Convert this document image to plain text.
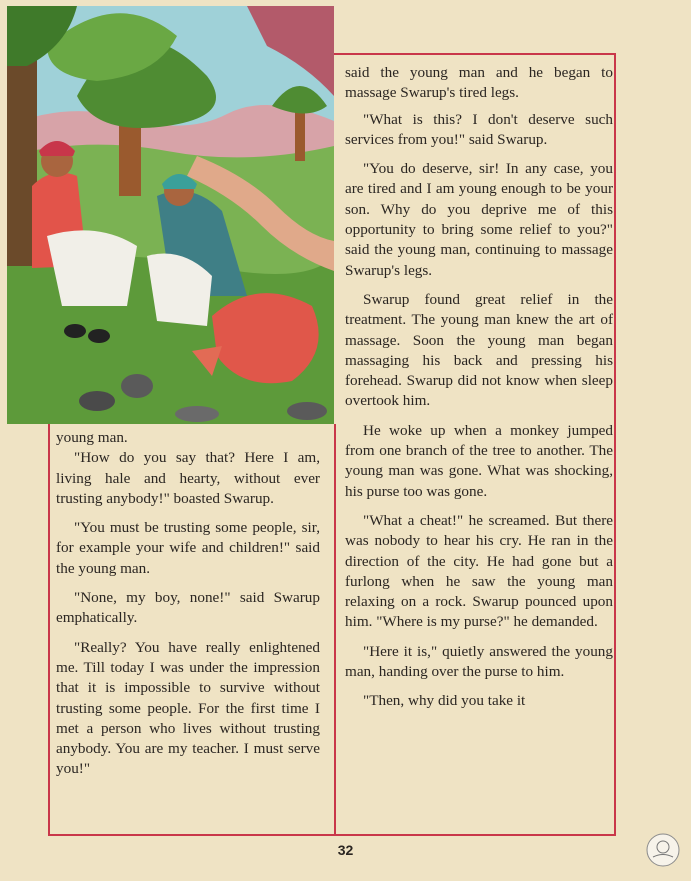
young man.

"How do you say that? Here I am, living hale and hearty, without ever trusting anybody!" boasted Swarup.

"You must be trusting some people, sir, for example your wife and children!" said the young man.

"None, my boy, none!" said Swarup emphatically.

"Really? You have really enlightened me. Till today I was under the impression that it is impossible to survive without trusting some people. For the first time I met a person who lives without trusting anybody. You are my teacher. I must serve you!"

said the young man and he began to massage Swarup's tired legs.

"What is this? I don't deserve such services from you!" said Swarup.

"You do deserve, sir! In any case, you are tired and I am young enough to be your son. Why do you deprive me of this opportunity to bring some relief to you?" said the young man, continuing to massage Swarup's legs.

Swarup found great relief in the treatment. The young man knew the art of massage. Soon the young man began massaging his back and pressing his forehead. Swarup did not know when sleep overtook him.

He woke up when a monkey jumped from one branch of the tree to another. The young man was gone. What was shocking, his purse too was gone.

"What a cheat!" he screamed. But there was nobody to hear his cry. He ran in the direction of the city. He had gone but a furlong when he saw the young man relaxing on a rock. Swarup pounced upon him. "Where is my purse?" he demanded.

"Here it is," quietly answered the young man, handing over the purse to him.

"Then, why did you take it

32
